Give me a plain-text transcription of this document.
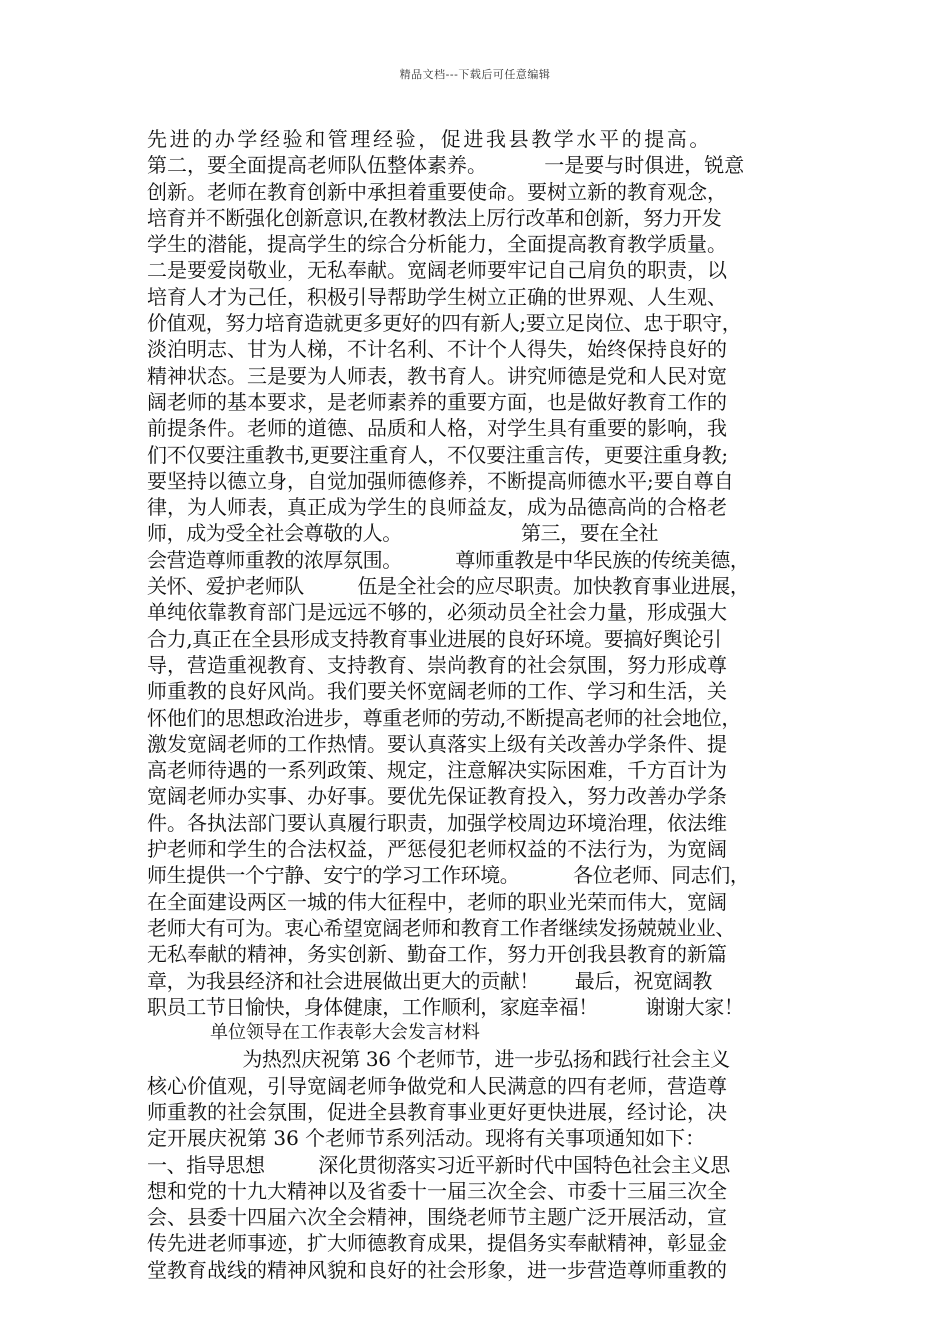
精品文档---下载后可任意编辑
先进的办学经验和管理经验，促进我县教学水平的提高。
第二，要全面提高老师队伍整体素养。         一是要与时俱进，锐意
创新。老师在教育创新中承担着重要使命。要树立新的教育观念，
培育并不断强化创新意识,在教材教法上厉行改革和创新，努力开发
学生的潜能，提高学生的综合分析能力，全面提高教育教学质量。
二是要爱岗敬业，无私奉献。宽阔老师要牢记自己肩负的职责，以
培育人才为己任，积极引导帮助学生树立正确的世界观、人生观、
价值观，努力培育造就更多更好的四有新人;要立足岗位、忠于职守，
淡泊明志、甘为人梯，不计名利、不计个人得失，始终保持良好的
精神状态。三是要为人师表，教书育人。讲究师德是党和人民对宽
阔老师的基本要求，是老师素养的重要方面，也是做好教育工作的
前提条件。老师的道德、品质和人格，对学生具有重要的影响，我
们不仅要注重教书,更要注重育人，不仅要注重言传，更要注重身教;
要坚持以德立身，自觉加强师德修养，不断提高师德水平;要自尊自
律，为人师表，真正成为学生的良师益友，成为品德高尚的合格老
师，成为受全社会尊敬的人。                    第三，要在全社
会营造尊师重教的浓厚氛围。         尊师重教是中华民族的传统美德，
关怀、爱护老师队         伍是全社会的应尽职责。加快教育事业进展，
单纯依靠教育部门是远远不够的，必须动员全社会力量，形成强大
合力,真正在全县形成支持教育事业进展的良好环境。要搞好舆论引
导，营造重视教育、支持教育、崇尚教育的社会氛围，努力形成尊
师重教的良好风尚。我们要关怀宽阔老师的工作、学习和生活，关
怀他们的思想政治进步，尊重老师的劳动,不断提高老师的社会地位，
激发宽阔老师的工作热情。要认真落实上级有关改善办学条件、提
高老师待遇的一系列政策、规定，注意解决实际困难，千方百计为
宽阔老师办实事、办好事。要优先保证教育投入，努力改善办学条
件。各执法部门要认真履行职责，加强学校周边环境治理，依法维
护老师和学生的合法权益，严惩侵犯老师权益的不法行为，为宽阔
师生提供一个宁静、安宁的学习工作环境。         各位老师、同志们，
在全面建设两区一城的伟大征程中，老师的职业光荣而伟大，宽阔
老师大有可为。衷心希望宽阔老师和教育工作者继续发扬兢兢业业、
无私奉献的精神，务实创新、勤奋工作，努力开创我县教育的新篇
章，为我县经济和社会进展做出更大的贡献！      最后，祝宽阔教
职员工节日愉快，身体健康，工作顺利，家庭幸福！        谢谢大家！
单位领导在工作表彰大会发言材料
为热烈庆祝第 36 个老师节，进一步弘扬和践行社会主义
核心价值观，引导宽阔老师争做党和人民满意的四有老师，营造尊
师重教的社会氛围，促进全县教育事业更好更快进展，经讨论，决
定开展庆祝第 36 个老师节系列活动。现将有关事项通知如下：
一、指导思想         深化贯彻落实习近平新时代中国特色社会主义思
想和党的十九大精神以及省委十一届三次全会、市委十三届三次全
会、县委十四届六次全会精神，围绕老师节主题广泛开展活动，宣
传先进老师事迹，扩大师德教育成果，提倡务实奉献精神，彰显金
堂教育战线的精神风貌和良好的社会形象，进一步营造尊师重教的
